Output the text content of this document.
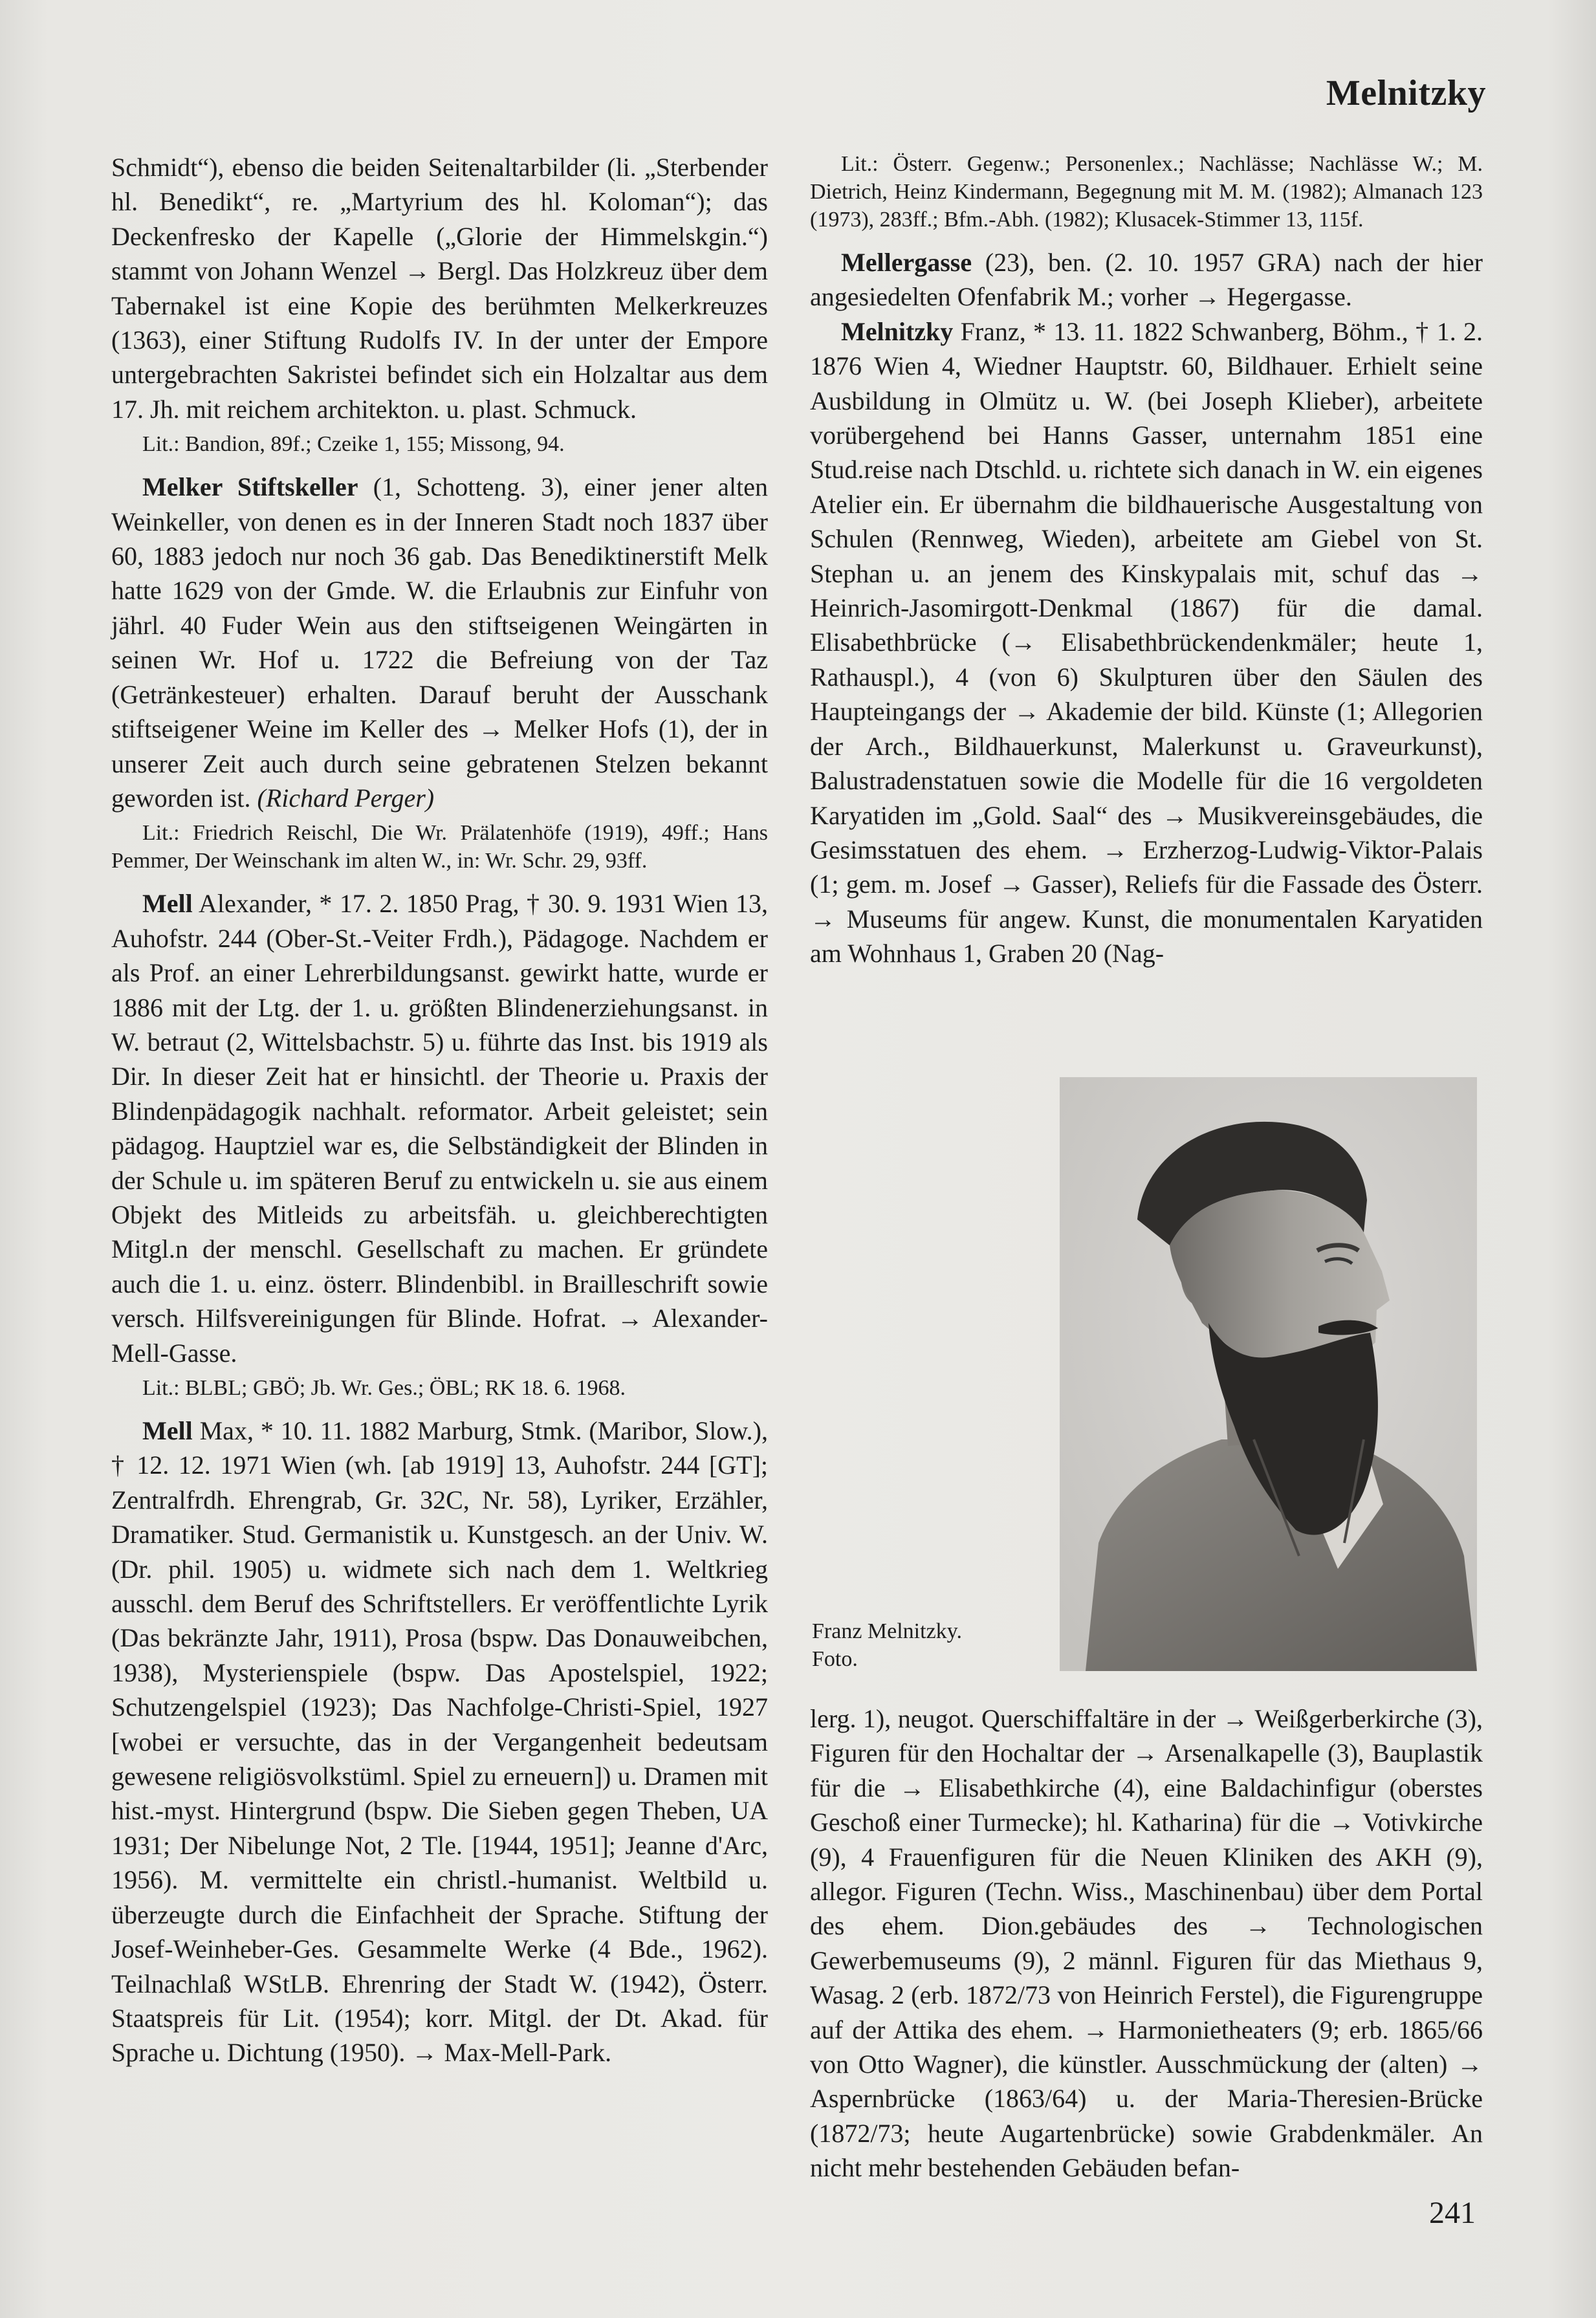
Melnitzky

Schmidt“), ebenso die beiden Seitenaltarbilder (li. „Sterbender hl. Benedikt“, re. „Martyrium des hl. Koloman“); das Deckenfresko der Kapelle („Glorie der Himmelskgin.“) stammt von Johann Wenzel → Bergl. Das Holzkreuz über dem Tabernakel ist eine Kopie des berühmten Melkerkreuzes (1363), einer Stiftung Rudolfs IV. In der unter der Empore untergebrachten Sakristei befindet sich ein Holzaltar aus dem 17. Jh. mit reichem architekton. u. plast. Schmuck.

Lit.: Bandion, 89f.; Czeike 1, 155; Missong, 94.

Melker Stiftskeller (1, Schotteng. 3), einer jener alten Weinkeller, von denen es in der Inneren Stadt noch 1837 über 60, 1883 jedoch nur noch 36 gab. Das Benediktinerstift Melk hatte 1629 von der Gmde. W. die Erlaubnis zur Einfuhr von jährl. 40 Fuder Wein aus den stiftseigenen Weingärten in seinen Wr. Hof u. 1722 die Befreiung von der Taz (Getränkesteuer) erhalten. Darauf beruht der Ausschank stiftseigener Weine im Keller des → Melker Hofs (1), der in unserer Zeit auch durch seine gebratenen Stelzen bekannt geworden ist. (Richard Perger)

Lit.: Friedrich Reischl, Die Wr. Prälatenhöfe (1919), 49ff.; Hans Pemmer, Der Weinschank im alten W., in: Wr. Schr. 29, 93ff.

Mell Alexander, * 17. 2. 1850 Prag, † 30. 9. 1931 Wien 13, Auhofstr. 244 (Ober-St.-Veiter Frdh.), Pädagoge. Nachdem er als Prof. an einer Lehrerbildungsanst. gewirkt hatte, wurde er 1886 mit der Ltg. der 1. u. größten Blindenerziehungsanst. in W. betraut (2, Wittelsbachstr. 5) u. führte das Inst. bis 1919 als Dir. In dieser Zeit hat er hinsichtl. der Theorie u. Praxis der Blindenpädagogik nachhalt. reformator. Arbeit geleistet; sein pädagog. Hauptziel war es, die Selbständigkeit der Blinden in der Schule u. im späteren Beruf zu entwickeln u. sie aus einem Objekt des Mitleids zu arbeitsfäh. u. gleichberechtigten Mitgl.n der menschl. Gesellschaft zu machen. Er gründete auch die 1. u. einz. österr. Blindenbibl. in Brailleschrift sowie versch. Hilfsvereinigungen für Blinde. Hofrat. → Alexander-Mell-Gasse.

Lit.: BLBL; GBÖ; Jb. Wr. Ges.; ÖBL; RK 18. 6. 1968.

Mell Max, * 10. 11. 1882 Marburg, Stmk. (Maribor, Slow.), † 12. 12. 1971 Wien (wh. [ab 1919] 13, Auhofstr. 244 [GT]; Zentralfrdh. Ehrengrab, Gr. 32C, Nr. 58), Lyriker, Erzähler, Dramatiker. Stud. Germanistik u. Kunstgesch. an der Univ. W. (Dr. phil. 1905) u. widmete sich nach dem 1. Weltkrieg ausschl. dem Beruf des Schriftstellers. Er veröffentlichte Lyrik (Das bekränzte Jahr, 1911), Prosa (bspw. Das Donauweibchen, 1938), Mysterienspiele (bspw. Das Apostelspiel, 1922; Schutzengelspiel (1923); Das Nachfolge-Christi-Spiel, 1927 [wobei er versuchte, das in der Vergangenheit bedeutsam gewesene religiösvolkstüml. Spiel zu erneuern]) u. Dramen mit hist.-myst. Hintergrund (bspw. Die Sieben gegen Theben, UA 1931; Der Nibelunge Not, 2 Tle. [1944, 1951]; Jeanne d'Arc, 1956). M. vermittelte ein christl.-humanist. Weltbild u. überzeugte durch die Einfachheit der Sprache. Stiftung der Josef-Weinheber-Ges. Gesammelte Werke (4 Bde., 1962). Teilnachlaß WStLB. Ehrenring der Stadt W. (1942), Österr. Staatspreis für Lit. (1954); korr. Mitgl. der Dt. Akad. für Sprache u. Dichtung (1950). → Max-Mell-Park.

Lit.: Österr. Gegenw.; Personenlex.; Nachlässe; Nachlässe W.; M. Dietrich, Heinz Kindermann, Begegnung mit M. M. (1982); Almanach 123 (1973), 283ff.; Bfm.-Abh. (1982); Klusacek-Stimmer 13, 115f.

Mellergasse (23), ben. (2. 10. 1957 GRA) nach der hier angesiedelten Ofenfabrik M.; vorher → Hegergasse.

Melnitzky Franz, * 13. 11. 1822 Schwanberg, Böhm., † 1. 2. 1876 Wien 4, Wiedner Hauptstr. 60, Bildhauer. Erhielt seine Ausbildung in Olmütz u. W. (bei Joseph Klieber), arbeitete vorübergehend bei Hanns Gasser, unternahm 1851 eine Stud.reise nach Dtschld. u. richtete sich danach in W. ein eigenes Atelier ein. Er übernahm die bildhauerische Ausgestaltung von Schulen (Rennweg, Wieden), arbeitete am Giebel von St. Stephan u. an jenem des Kinskypalais mit, schuf das → Heinrich-Jasomirgott-Denkmal (1867) für die damal. Elisabethbrücke (→ Elisabethbrückendenkmäler; heute 1, Rathauspl.), 4 (von 6) Skulpturen über den Säulen des Haupteingangs der → Akademie der bild. Künste (1; Allegorien der Arch., Bildhauerkunst, Malerkunst u. Graveurkunst), Balustradenstatuen sowie die Modelle für die 16 vergoldeten Karyatiden im „Gold. Saal“ des → Musikvereinsgebäudes, die Gesimsstatuen des ehem. → Erzherzog-Ludwig-Viktor-Palais (1; gem. m. Josef → Gasser), Reliefs für die Fassade des Österr. → Museums für angew. Kunst, die monumentalen Karyatiden am Wohnhaus 1, Graben 20 (Nag-

Franz Melnitzky.
Foto.

lerg. 1), neugot. Querschiffaltäre in der → Weißgerberkirche (3), Figuren für den Hochaltar der → Arsenalkapelle (3), Bauplastik für die → Elisabethkirche (4), eine Baldachinfigur (oberstes Geschoß einer Turmecke); hl. Katharina) für die → Votivkirche (9), 4 Frauenfiguren für die Neuen Kliniken des AKH (9), allegor. Figuren (Techn. Wiss., Maschinenbau) über dem Portal des ehem. Dion.gebäudes des → Technologischen Gewerbemuseums (9), 2 männl. Figuren für das Miethaus 9, Wasag. 2 (erb. 1872/73 von Heinrich Ferstel), die Figurengruppe auf der Attika des ehem. → Harmonietheaters (9; erb. 1865/66 von Otto Wagner), die künstler. Ausschmückung der (alten) → Aspernbrücke (1863/64) u. der Maria-Theresien-Brücke (1872/73; heute Augartenbrücke) sowie Grabdenkmäler. An nicht mehr bestehenden Gebäuden befan-

241
